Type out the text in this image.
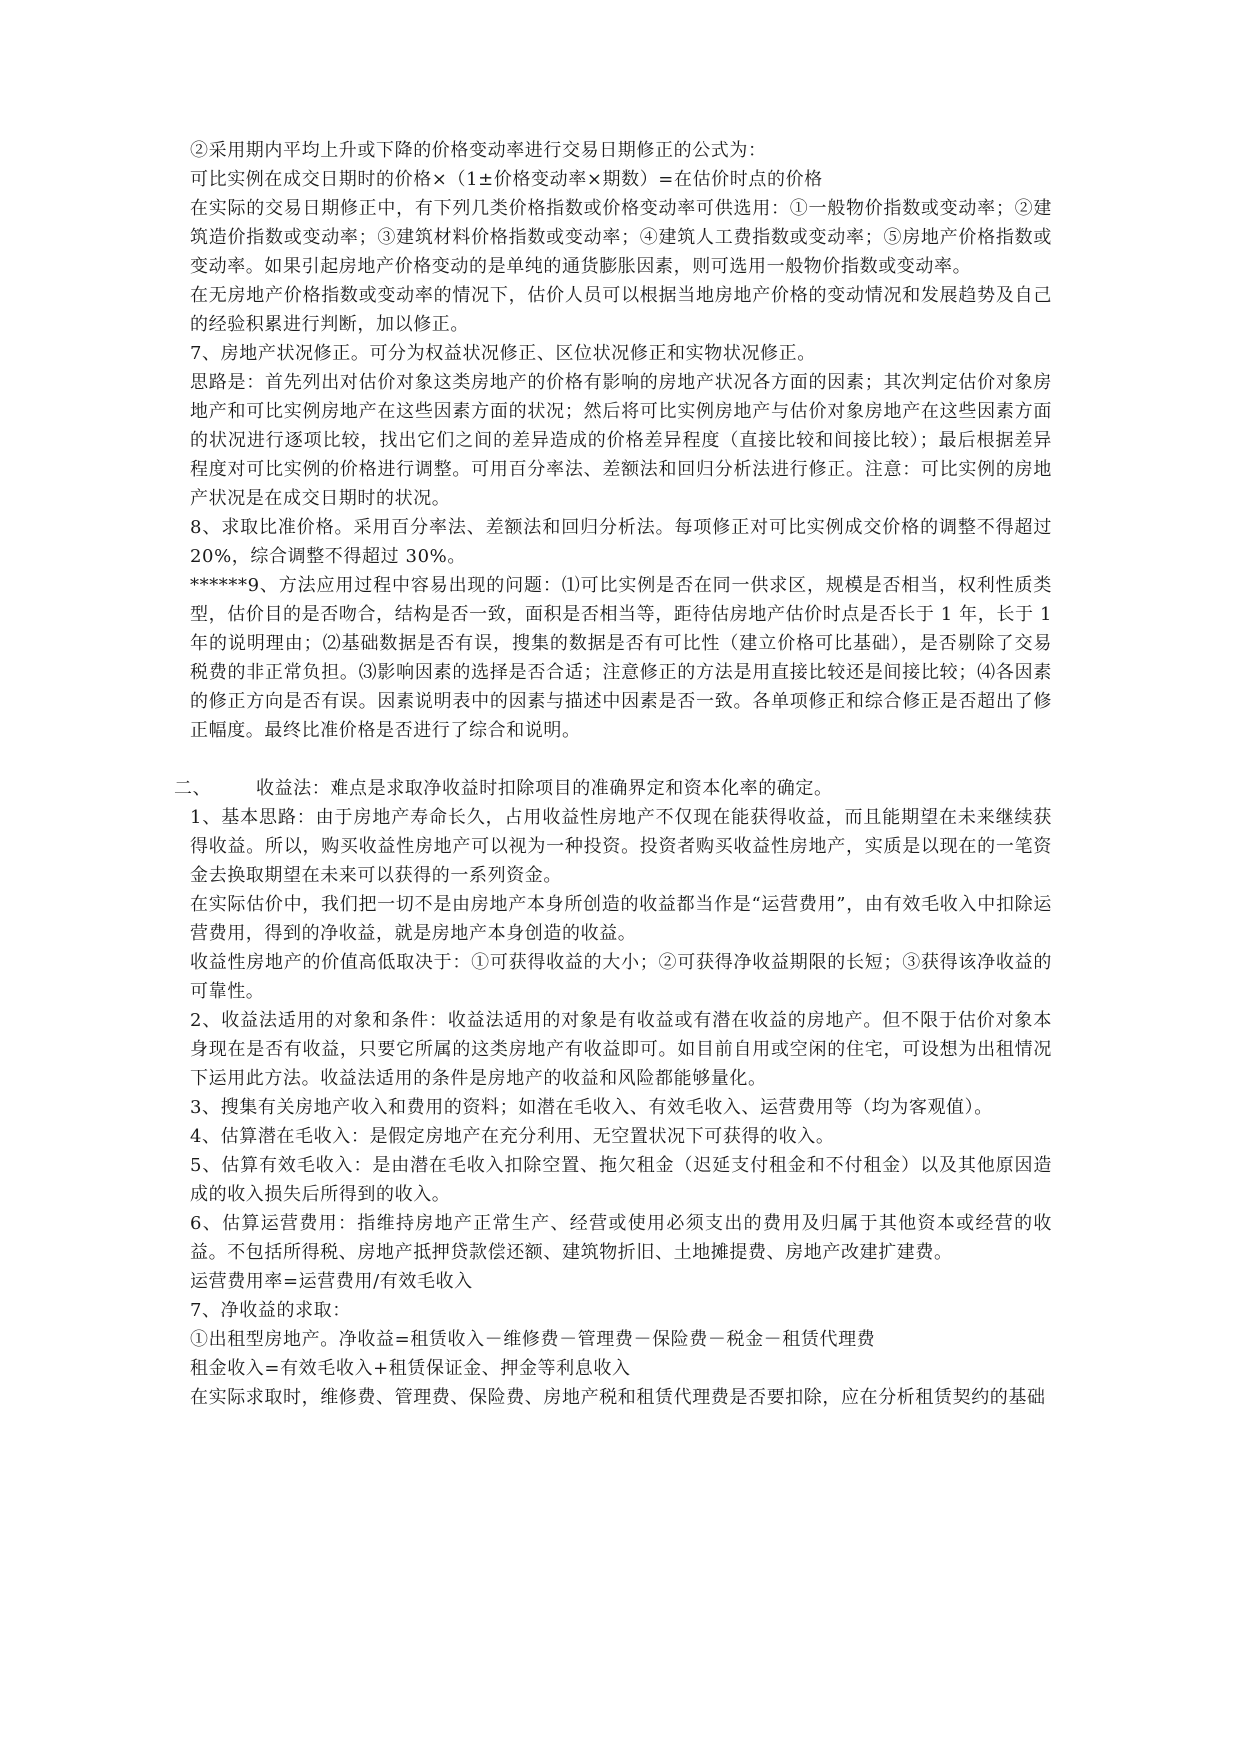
②采用期内平均上升或下降的价格变动率进行交易日期修正的公式为：

可比实例在成交日期时的价格×（1±价格变动率×期数）=在估价时点的价格

在实际的交易日期修正中，有下列几类价格指数或价格变动率可供选用：①一般物价指数或变动率；②建筑造价指数或变动率；③建筑材料价格指数或变动率；④建筑人工费指数或变动率；⑤房地产价格指数或变动率。如果引起房地产价格变动的是单纯的通货膨胀因素，则可选用一般物价指数或变动率。

在无房地产价格指数或变动率的情况下，估价人员可以根据当地房地产价格的变动情况和发展趋势及自己的经验积累进行判断，加以修正。

7、房地产状况修正。可分为权益状况修正、区位状况修正和实物状况修正。

思路是：首先列出对估价对象这类房地产的价格有影响的房地产状况各方面的因素；其次判定估价对象房地产和可比实例房地产在这些因素方面的状况；然后将可比实例房地产与估价对象房地产在这些因素方面的状况进行逐项比较，找出它们之间的差异造成的价格差异程度（直接比较和间接比较）；最后根据差异程度对可比实例的价格进行调整。可用百分率法、差额法和回归分析法进行修正。注意：可比实例的房地产状况是在成交日期时的状况。

8、求取比准价格。采用百分率法、差额法和回归分析法。每项修正对可比实例成交价格的调整不得超过20%，综合调整不得超过 30%。

******9、方法应用过程中容易出现的问题：⑴可比实例是否在同一供求区，规模是否相当，权利性质类型，估价目的是否吻合，结构是否一致，面积是否相当等，距待估房地产估价时点是否长于 1 年，长于 1 年的说明理由；⑵基础数据是否有误，搜集的数据是否有可比性（建立价格可比基础），是否剔除了交易税费的非正常负担。⑶影响因素的选择是否合适；注意修正的方法是用直接比较还是间接比较；⑷各因素的修正方向是否有误。因素说明表中的因素与描述中因素是否一致。各单项修正和综合修正是否超出了修正幅度。最终比准价格是否进行了综合和说明。

二、 收益法：难点是求取净收益时扣除项目的准确界定和资本化率的确定。

1、基本思路：由于房地产寿命长久，占用收益性房地产不仅现在能获得收益，而且能期望在未来继续获得收益。所以，购买收益性房地产可以视为一种投资。投资者购买收益性房地产，实质是以现在的一笔资金去换取期望在未来可以获得的一系列资金。

在实际估价中，我们把一切不是由房地产本身所创造的收益都当作是“运营费用”，由有效毛收入中扣除运营费用，得到的净收益，就是房地产本身创造的收益。

收益性房地产的价值高低取决于：①可获得收益的大小；②可获得净收益期限的长短；③获得该净收益的可靠性。

2、收益法适用的对象和条件：收益法适用的对象是有收益或有潜在收益的房地产。但不限于估价对象本身现在是否有收益，只要它所属的这类房地产有收益即可。如目前自用或空闲的住宅，可设想为出租情况下运用此方法。收益法适用的条件是房地产的收益和风险都能够量化。

3、搜集有关房地产收入和费用的资料；如潜在毛收入、有效毛收入、运营费用等（均为客观值）。

4、估算潜在毛收入：是假定房地产在充分利用、无空置状况下可获得的收入。

5、估算有效毛收入：是由潜在毛收入扣除空置、拖欠租金（迟延支付租金和不付租金）以及其他原因造成的收入损失后所得到的收入。

6、估算运营费用：指维持房地产正常生产、经营或使用必须支出的费用及归属于其他资本或经营的收益。不包括所得税、房地产抵押贷款偿还额、建筑物折旧、土地摊提费、房地产改建扩建费。

运营费用率=运营费用/有效毛收入

7、净收益的求取：

①出租型房地产。净收益=租赁收入－维修费－管理费－保险费－税金－租赁代理费

租金收入=有效毛收入+租赁保证金、押金等利息收入

在实际求取时，维修费、管理费、保险费、房地产税和租赁代理费是否要扣除，应在分析租赁契约的基础
